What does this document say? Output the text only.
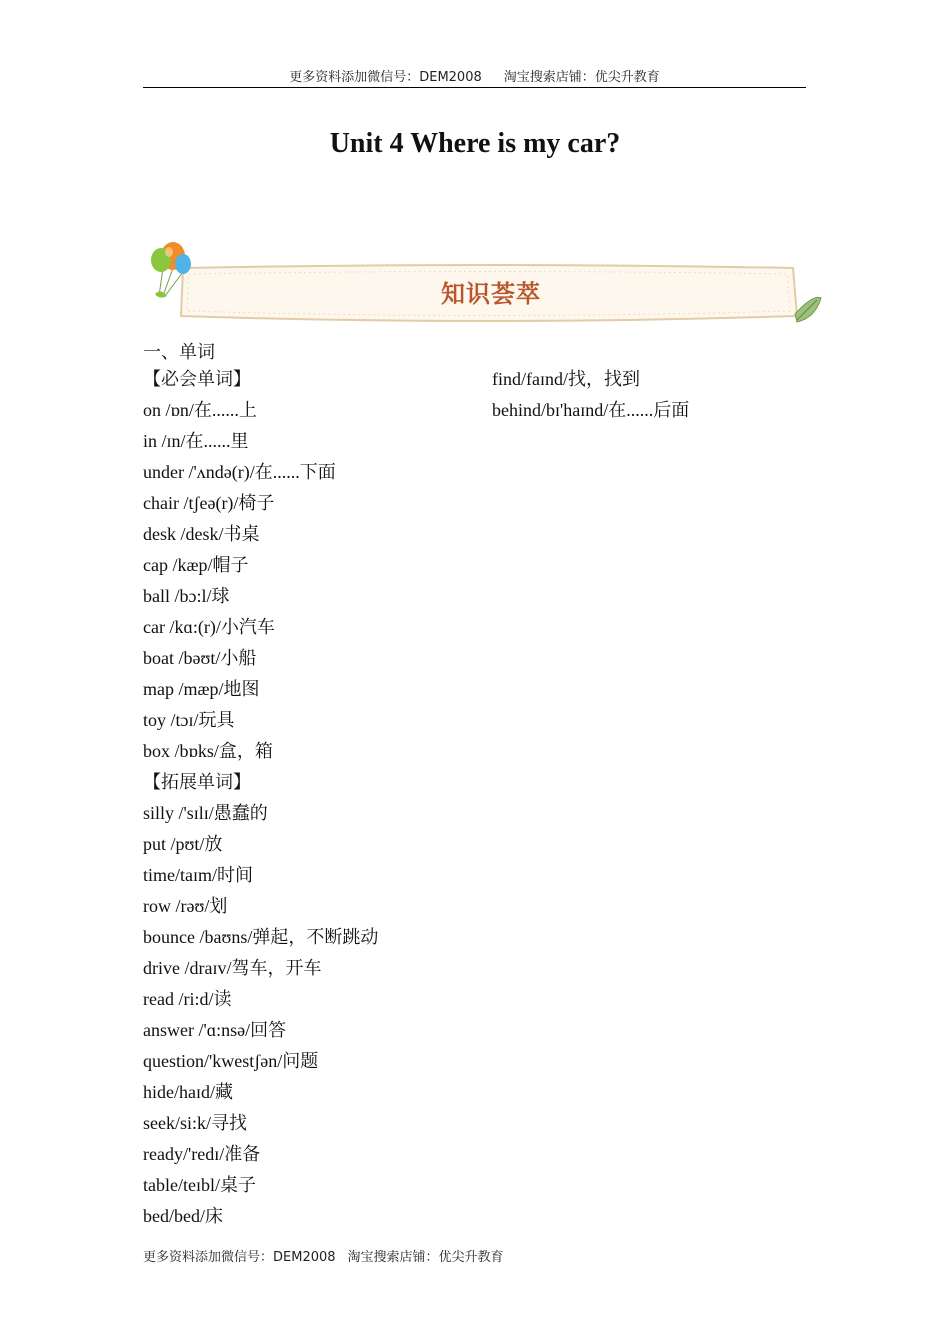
更多资料添加微信号：DEM2008 淘宝搜索店铺：优尖升教育
Unit 4 Where is my car?
知识荟萃
一、单词
【必会单词】
on /ɒn/在......上
in /ɪn/在......里
under /'ʌndə(r)/在......下面
chair /tʃeə(r)/椅子
desk /desk/书桌
cap /kæp/帽子
ball /bɔ:l/球
car /kɑ:(r)/小汽车
boat /bəʊt/小船
map /mæp/地图
toy /tɔɪ/玩具
box /bɒks/盒，箱
【拓展单词】
silly /'sɪlɪ/愚蠢的
put /pʊt/放
time/taɪm/时间
row /rəʊ/划
bounce /baʊns/弹起，不断跳动
drive /draɪv/驾车，开车
read /ri:d/读
answer /'ɑ:nsə/回答
question/'kwestʃən/问题
hide/haɪd/藏
seek/si:k/寻找
ready/'redɪ/准备
table/teɪbl/桌子
bed/bed/床
find/faɪnd/找，找到
behind/bɪ'haɪnd/在......后面
更多资料添加微信号：DEM2008 淘宝搜索店铺：优尖升教育
